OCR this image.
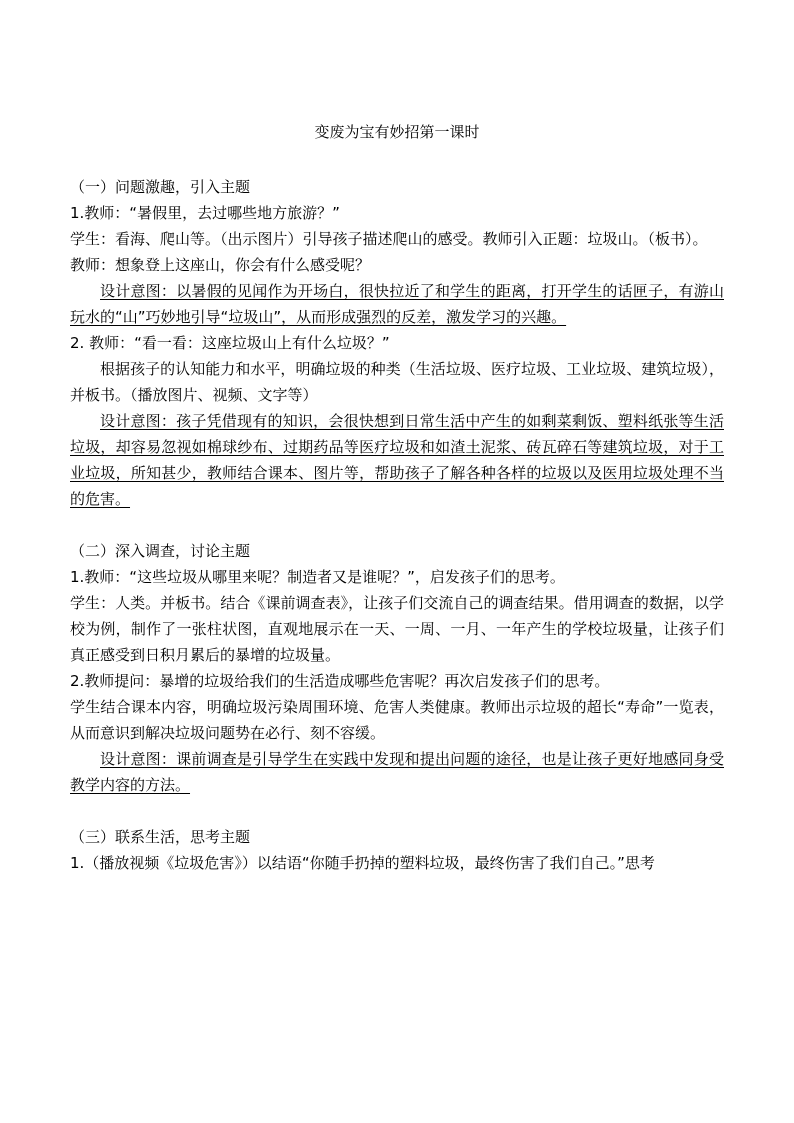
变废为宝有妙招第一课时

（一）问题激趣，引入主题

1.教师：“暑假里，去过哪些地方旅游？”

学生：看海、爬山等。（出示图片）引导孩子描述爬山的感受。教师引入正题：垃圾山。（板书）。

教师：想象登上这座山，你会有什么感受呢？

设计意图：以暑假的见闻作为开场白，很快拉近了和学生的距离，打开学生的话匣子，有游山玩水的“山”巧妙地引导“垃圾山”，从而形成强烈的反差，激发学习的兴趣。

2. 教师：“看一看：这座垃圾山上有什么垃圾？”

根据孩子的认知能力和水平，明确垃圾的种类（生活垃圾、医疗垃圾、工业垃圾、建筑垃圾），并板书。（播放图片、视频、文字等）

设计意图：孩子凭借现有的知识，会很快想到日常生活中产生的如剩菜剩饭、塑料纸张等生活垃圾，却容易忽视如棉球纱布、过期药品等医疗垃圾和如渣土泥浆、砖瓦碎石等建筑垃圾，对于工业垃圾，所知甚少，教师结合课本、图片等，帮助孩子了解各种各样的垃圾以及医用垃圾处理不当的危害。

（二）深入调查，讨论主题

1.教师：“这些垃圾从哪里来呢？制造者又是谁呢？”，启发孩子们的思考。

学生：人类。并板书。结合《课前调查表》，让孩子们交流自己的调查结果。借用调查的数据，以学校为例，制作了一张柱状图，直观地展示在一天、一周、一月、一年产生的学校垃圾量，让孩子们真正感受到日积月累后的暴增的垃圾量。

2.教师提问：暴增的垃圾给我们的生活造成哪些危害呢？再次启发孩子们的思考。

学生结合课本内容，明确垃圾污染周围环境、危害人类健康。教师出示垃圾的超长“寿命”一览表，从而意识到解决垃圾问题势在必行、刻不容缓。

设计意图：课前调查是引导学生在实践中发现和提出问题的途径，也是让孩子更好地感同身受教学内容的方法。

（三）联系生活，思考主题

1.（播放视频《垃圾危害》）以结语“你随手扔掉的塑料垃圾，最终伤害了我们自己。”思考
